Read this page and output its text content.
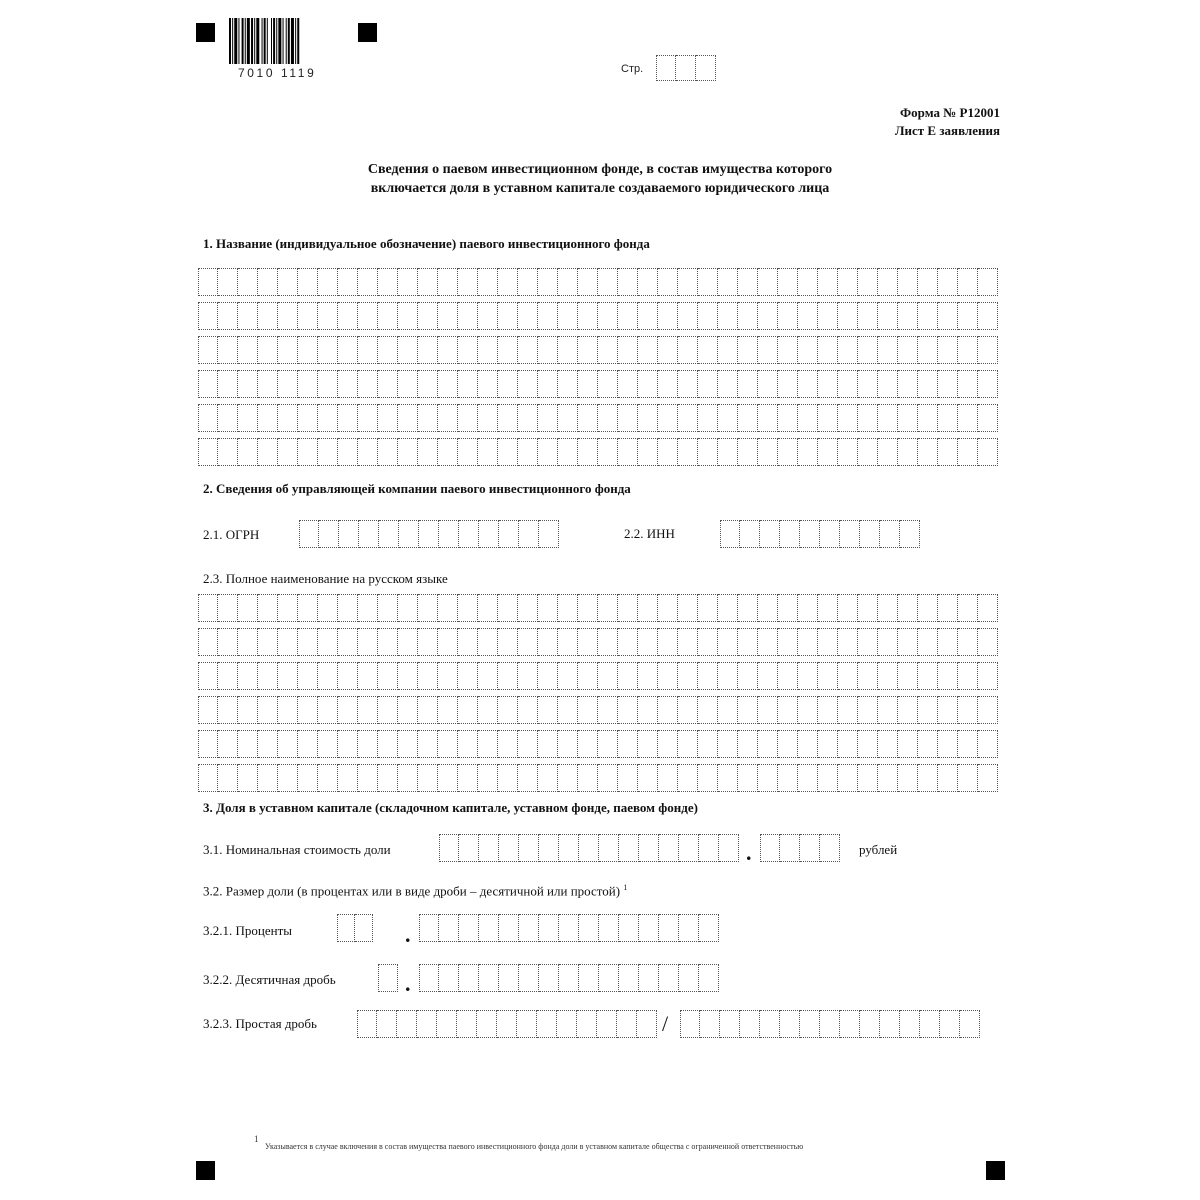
7010 1119	Стр.
Форма № Р12001
Лист Е заявления
Сведения о паевом инвестиционном фонде, в состав имущества которого
включается доля в уставном капитале создаваемого юридического лица
1. Название (индивидуальное обозначение) паевого инвестиционного фонда
2. Сведения об управляющей компании паевого инвестиционного фонда
2.1. ОГРН	2.2. ИНН
2.3. Полное наименование на русском языке
3. Доля в уставном капитале (складочном капитале, уставном фонде, паевом фонде)
3.1. Номинальная стоимость доли	.	рублей
3.2. Размер доли (в процентах или в виде дроби – десятичной или простой) $^1$
3.2.1. Проценты	.
3.2.2. Десятичная дробь	.
3.2.3. Простая дробь	/
1
Указывается в случае включения в состав имущества паевого инвестиционного фонда доли в уставном капитале общества с ограниченной ответственностью
